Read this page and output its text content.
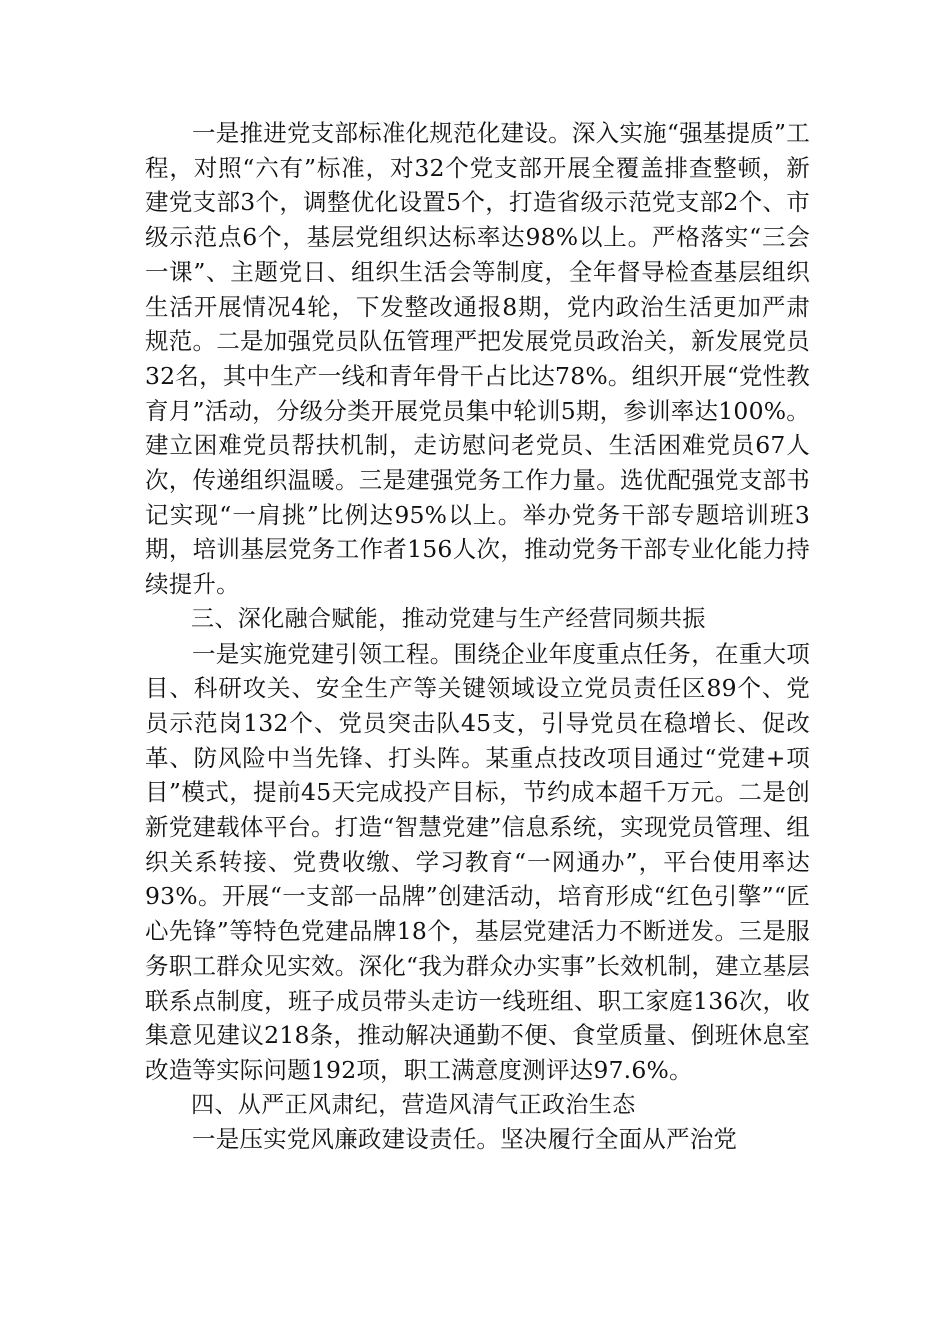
一是推进党支部标准化规范化建设。深入实施“强基提质”工程，对照“六有”标准，对32个党支部开展全覆盖排查整顿，新建党支部3个，调整优化设置5个，打造省级示范党支部2个、市级示范点6个，基层党组织达标率达98%以上。严格落实“三会一课”、主题党日、组织生活会等制度，全年督导检查基层组织生活开展情况4轮，下发整改通报8期，党内政治生活更加严肃规范。二是加强党员队伍管理严把发展党员政治关，新发展党员32名，其中生产一线和青年骨干占比达78%。组织开展“党性教育月”活动，分级分类开展党员集中轮训5期，参训率达100%。建立困难党员帮扶机制，走访慰问老党员、生活困难党员67人次，传递组织温暖。三是建强党务工作力量。选优配强党支部书记实现“一肩挑”比例达95%以上。举办党务干部专题培训班3期，培训基层党务工作者156人次，推动党务干部专业化能力持续提升。

三、深化融合赋能，推动党建与生产经营同频共振

一是实施党建引领工程。围绕企业年度重点任务，在重大项目、科研攻关、安全生产等关键领域设立党员责任区89个、党员示范岗132个、党员突击队45支，引导党员在稳增长、促改革、防风险中当先锋、打头阵。某重点技改项目通过“党建+项目”模式，提前45天完成投产目标，节约成本超千万元。二是创新党建载体平台。打造“智慧党建”信息系统，实现党员管理、组织关系转接、党费收缴、学习教育“一网通办”，平台使用率达93%。开展“一支部一品牌”创建活动，培育形成“红色引擎”“匠心先锋”等特色党建品牌18个，基层党建活力不断迸发。三是服务职工群众见实效。深化“我为群众办实事”长效机制，建立基层联系点制度，班子成员带头走访一线班组、职工家庭136次，收集意见建议218条，推动解决通勤不便、食堂质量、倒班休息室改造等实际问题192项，职工满意度测评达97.6%。

四、从严正风肃纪，营造风清气正政治生态

一是压实党风廉政建设责任。坚决履行全面从严治党
